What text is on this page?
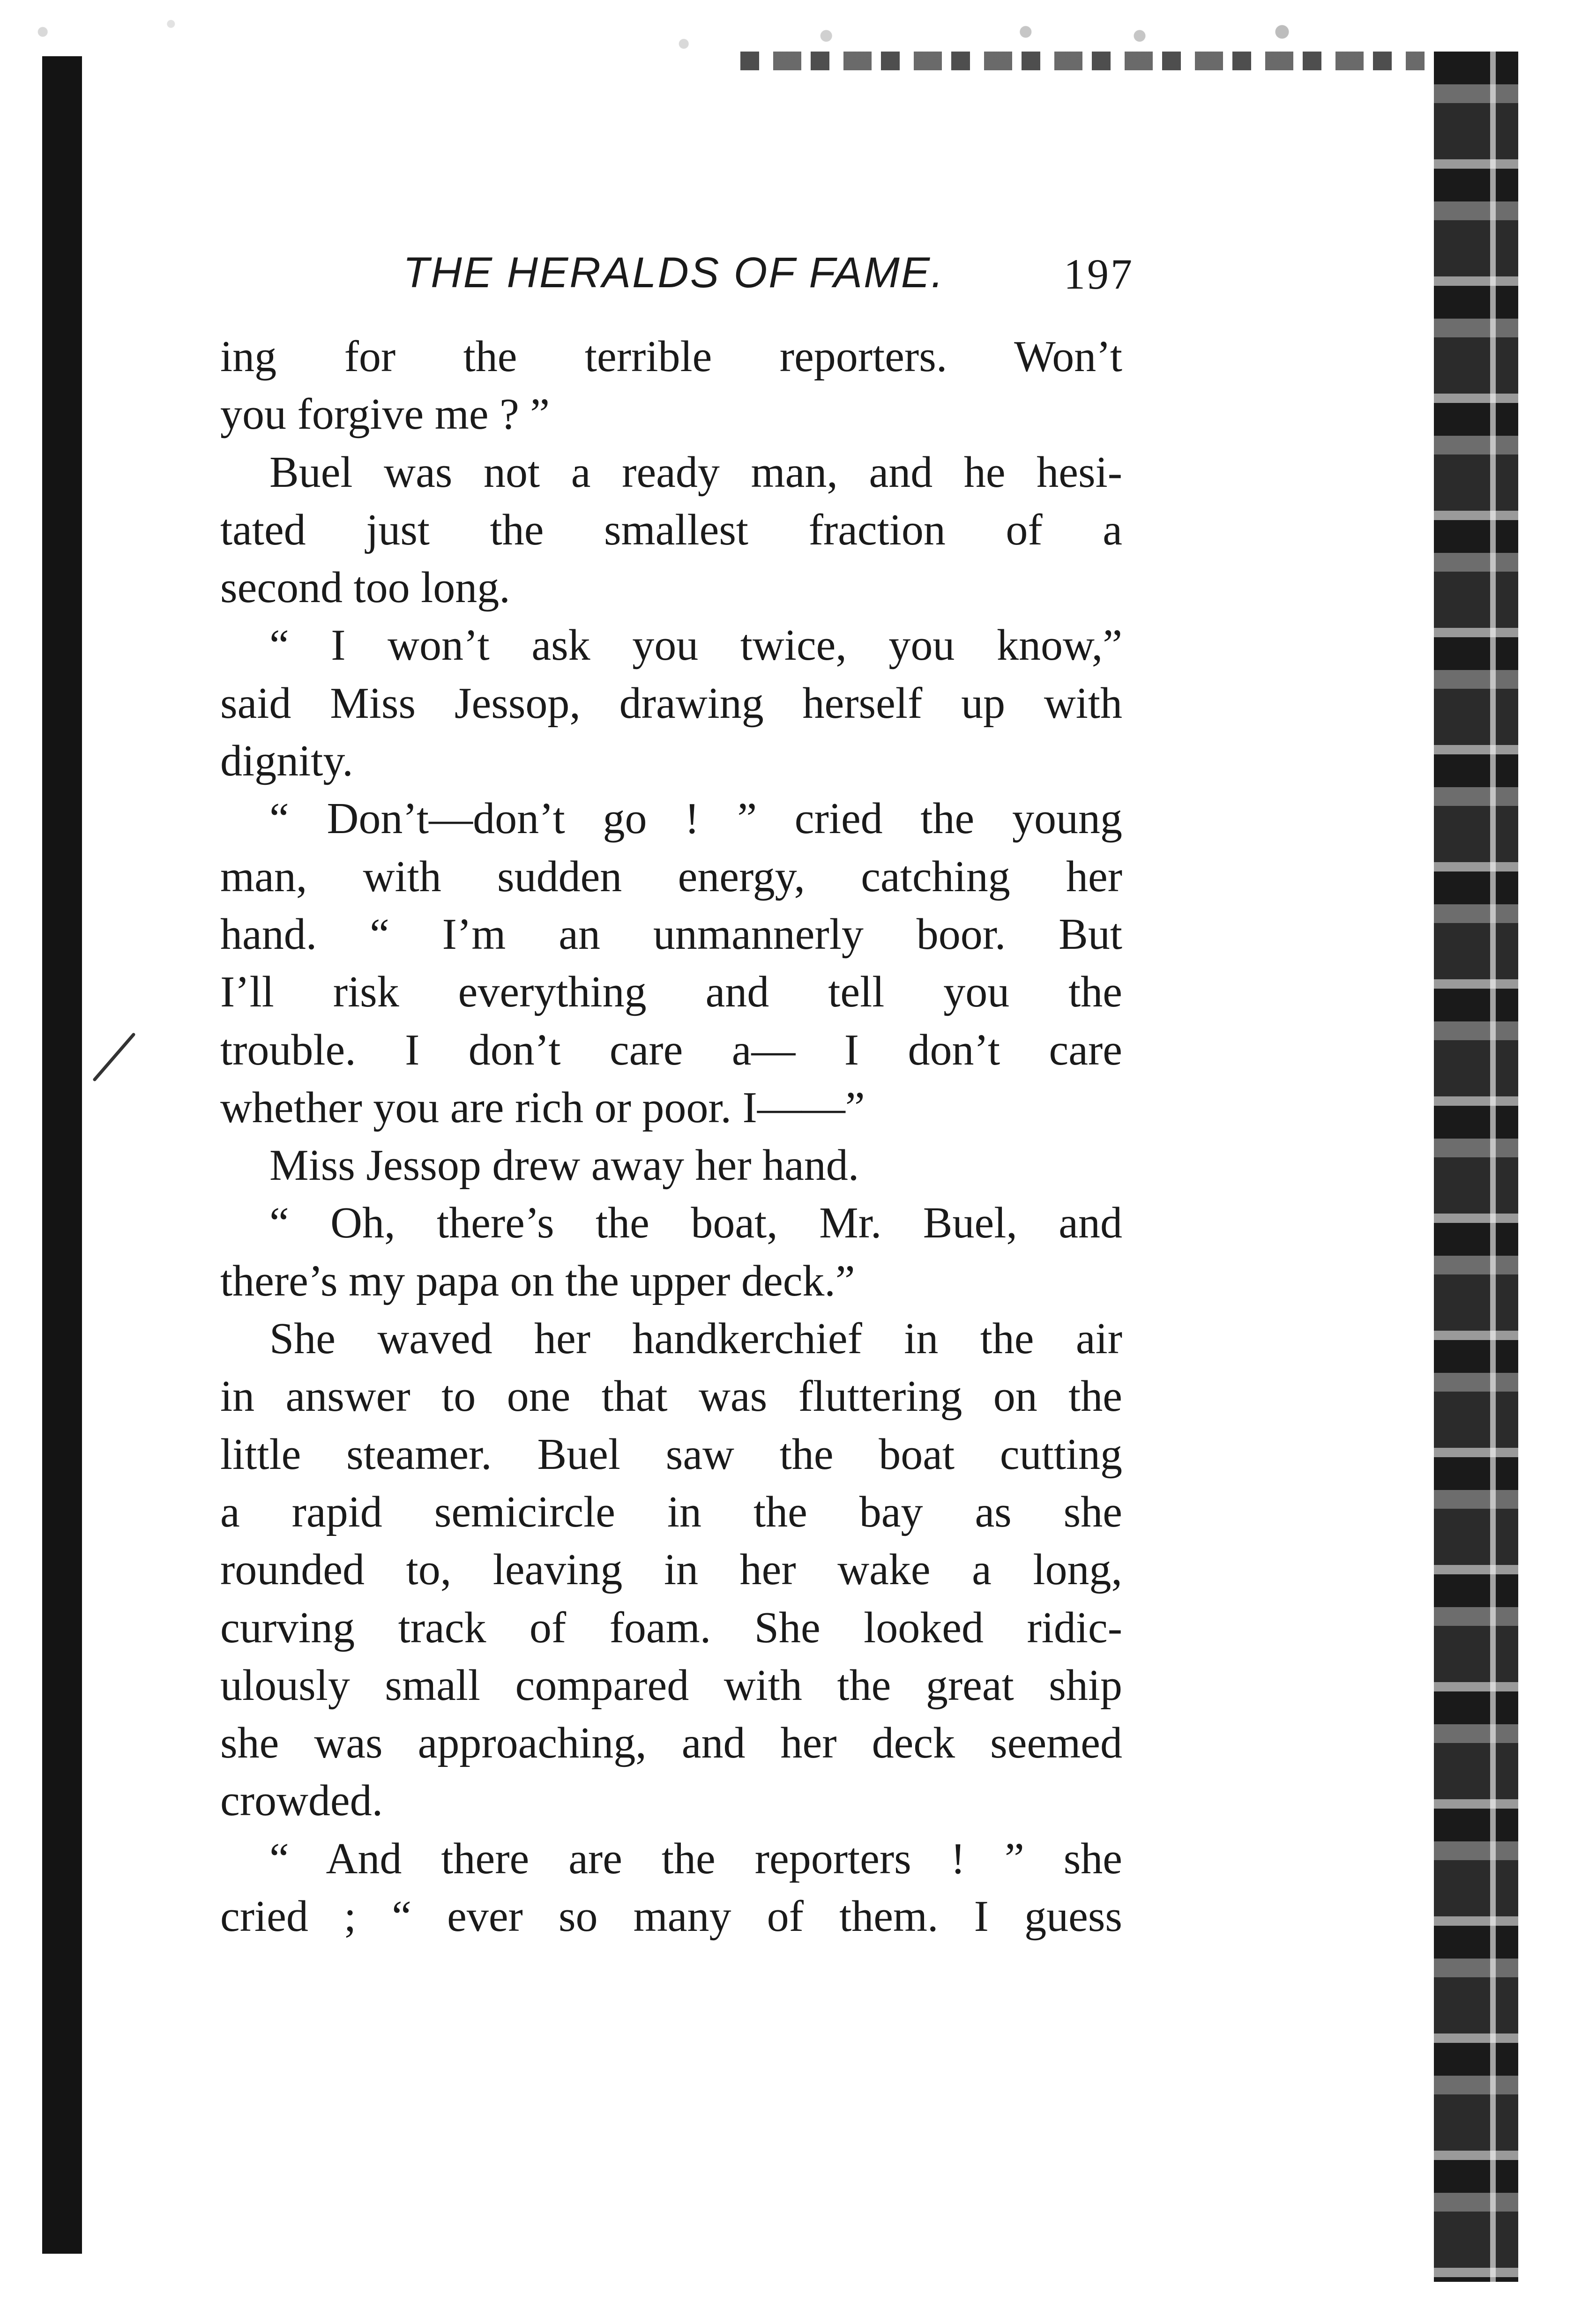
THE HERALDS OF FAME.	197
ing for the terrible reporters. Won’t
you forgive me ? ”
Buel was not a ready man, and he hesi-
tated just the smallest fraction of a
second too long.
“ I won’t ask you twice, you know,”
said Miss Jessop, drawing herself up with
dignity.
“ Don’t—don’t go ! ” cried the young
man, with sudden energy, catching her
hand. “ I’m an unmannerly boor. But
I’ll risk everything and tell you the
trouble. I don’t care a— I don’t care
whether you are rich or poor. I——”
Miss Jessop drew away her hand.
“ Oh, there’s the boat, Mr. Buel, and
there’s my papa on the upper deck.”
She waved her handkerchief in the air
in answer to one that was fluttering on the
little steamer. Buel saw the boat cutting
a rapid semicircle in the bay as she
rounded to, leaving in her wake a long,
curving track of foam. She looked ridic-
ulously small compared with the great ship
she was approaching, and her deck seemed
crowded.
“ And there are the reporters ! ” she
cried ; “ ever so many of them. I guess
